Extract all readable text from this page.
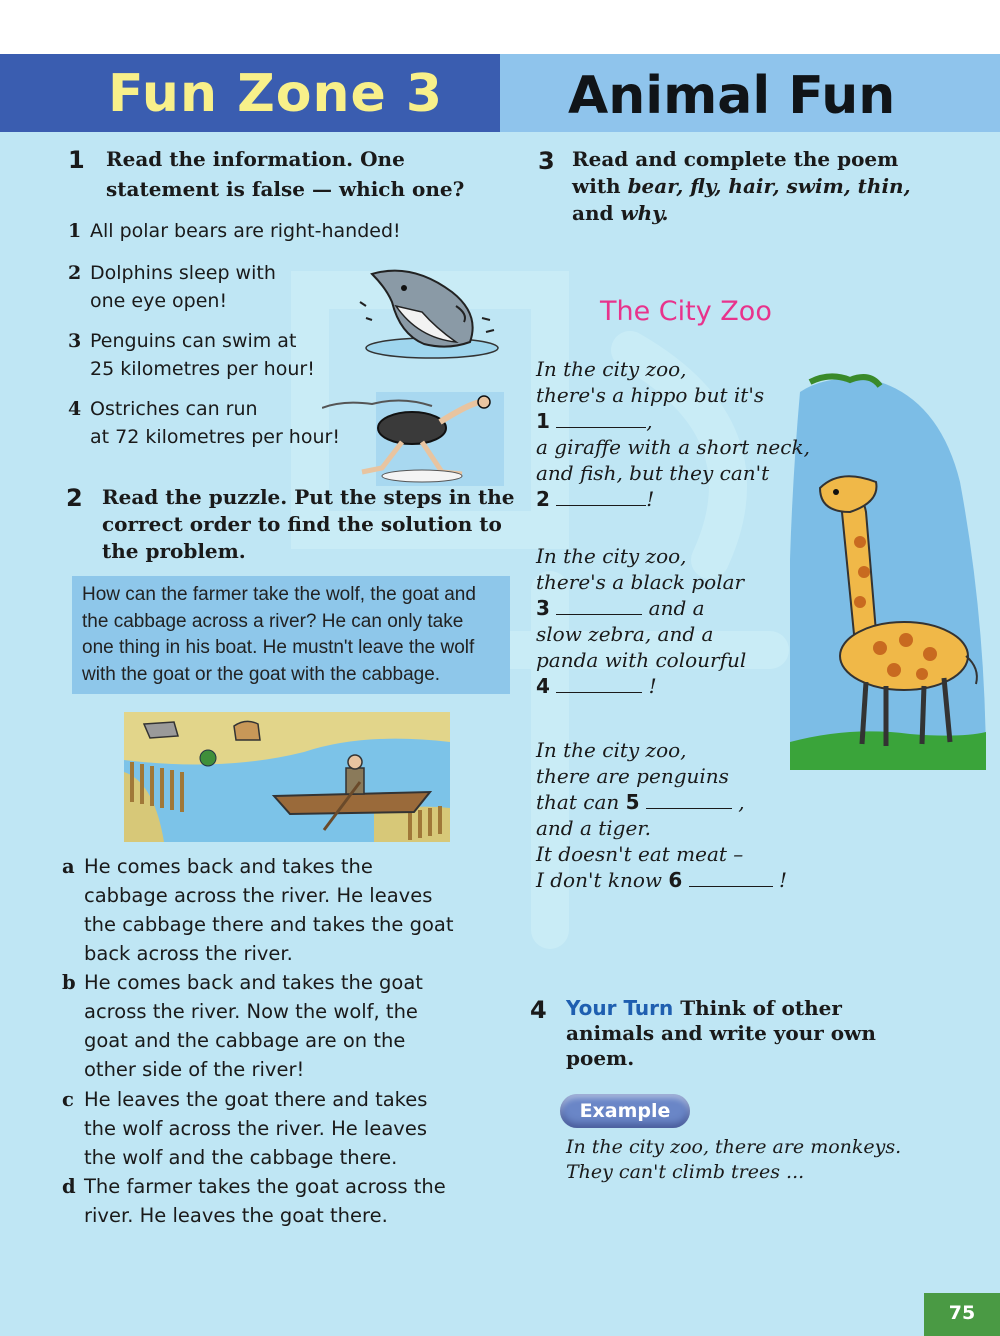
Fun Zone 3 Animal Fun
1 Read the information. One
statement is false — which one?
1 All polar bears are right-handed!
2 Dolphins sleep with
one eye open!
3 Penguins can swim at
25 kilometres per hour!
4 Ostriches can run
at 72 kilometres per hour!
2 Read the puzzle. Put the steps in the
correct order to find the solution to
the problem.
How can the farmer take the wolf, the goat and
the cabbage across a river? He can only take
one thing in his boat. He mustn't leave the wolf
with the goat or the goat with the cabbage.
a He comes back and takes the
cabbage across the river. He leaves
the cabbage there and takes the goat
back across the river.
b He comes back and takes the goat
across the river. Now the wolf, the
goat and the cabbage are on the
other side of the river!
c He leaves the goat there and takes
the wolf across the river. He leaves
the wolf and the cabbage there.
d The farmer takes the goat across the
river. He leaves the goat there.
3 Read and complete the poem
with bear, fly, hair, swim, thin,
and why.
The City Zoo
In the city zoo,
there's a hippo but it's
1	,
a giraffe with a short neck,
and fish, but they can't
2	!
In the city zoo,
there's a black polar
3	and a
slow zebra, and a
panda with colourful
4	!
In the city zoo,
there are penguins
that can 5	,
and a tiger.
It doesn't eat meat –
I don't know 6	!
4 Your Turn Think of other
animals and write your own
poem.
Example
In the city zoo, there are monkeys.
They can't climb trees ...
75
